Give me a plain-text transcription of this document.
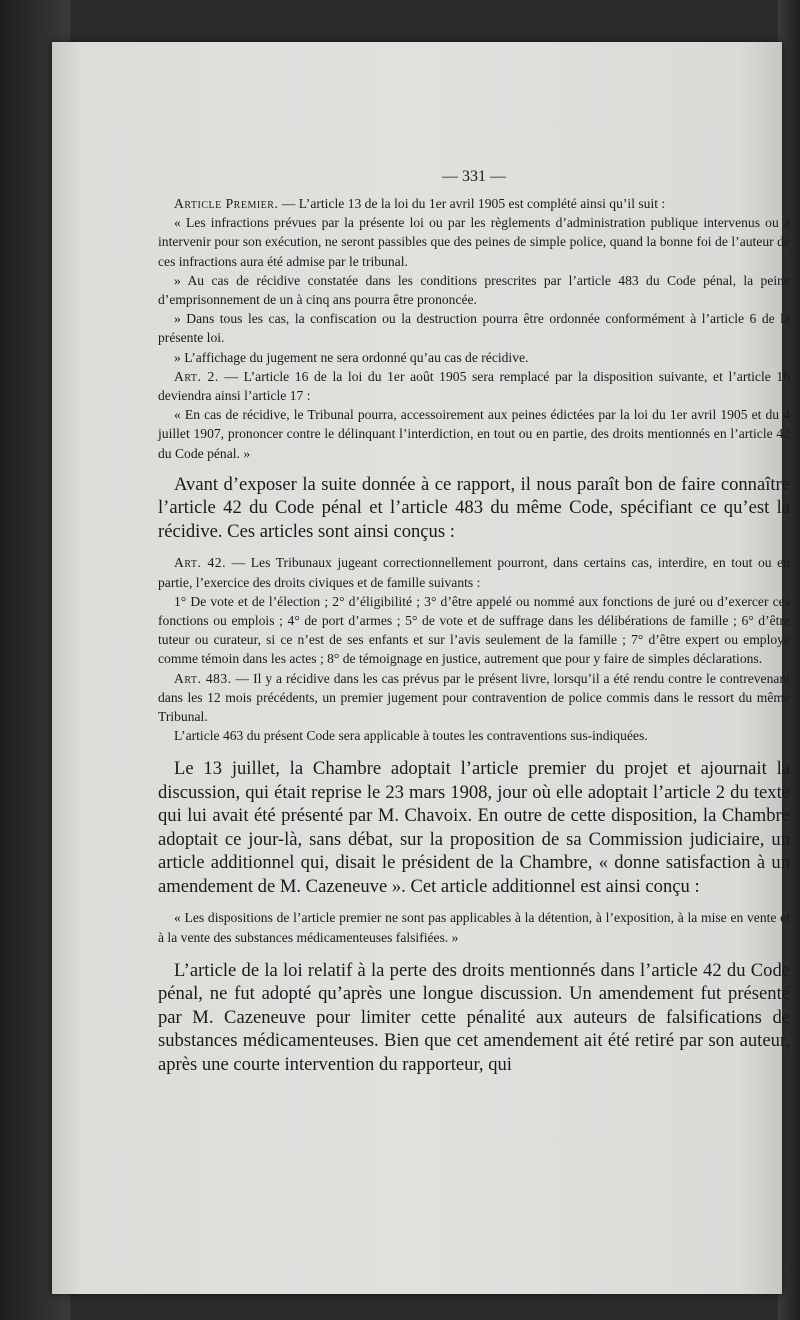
— 331 —

Article Premier. — L’article 13 de la loi du 1er avril 1905 est complété ainsi qu’il suit :

« Les infractions prévues par la présente loi ou par les règlements d’administration publique intervenus ou à intervenir pour son exécution, ne seront passibles que des peines de simple police, quand la bonne foi de l’auteur de ces infractions aura été admise par le tribunal.

» Au cas de récidive constatée dans les conditions prescrites par l’article 483 du Code pénal, la peine d’emprisonnement de un à cinq ans pourra être prononcée.

» Dans tous les cas, la confiscation ou la destruction pourra être ordonnée conformément à l’article 6 de la présente loi.

» L’affichage du jugement ne sera ordonné qu’au cas de récidive.

Art. 2. — L’article 16 de la loi du 1er août 1905 sera remplacé par la disposition suivante, et l’article 16 deviendra ainsi l’article 17 :

« En cas de récidive, le Tribunal pourra, accessoirement aux peines édictées par la loi du 1er avril 1905 et du 4 juillet 1907, prononcer contre le délinquant l’interdiction, en tout ou en partie, des droits mentionnés en l’article 42 du Code pénal. »

Avant d’exposer la suite donnée à ce rapport, il nous paraît bon de faire connaître l’article 42 du Code pénal et l’article 483 du même Code, spécifiant ce qu’est la récidive. Ces articles sont ainsi conçus :

Art. 42. — Les Tribunaux jugeant correctionnellement pourront, dans certains cas, interdire, en tout ou en partie, l’exercice des droits civiques et de famille suivants :

1° De vote et de l’élection ; 2° d’éligibilité ; 3° d’être appelé ou nommé aux fonctions de juré ou d’exercer ces fonctions ou emplois ; 4° de port d’armes ; 5° de vote et de suffrage dans les délibérations de famille ; 6° d’être tuteur ou curateur, si ce n’est de ses enfants et sur l’avis seulement de la famille ; 7° d’être expert ou employé comme témoin dans les actes ; 8° de témoignage en justice, autrement que pour y faire de simples déclarations.

Art. 483. — Il y a récidive dans les cas prévus par le présent livre, lorsqu’il a été rendu contre le contrevenant dans les 12 mois précédents, un premier jugement pour contravention de police commis dans le ressort du même Tribunal.

L’article 463 du présent Code sera applicable à toutes les contraventions sus-indiquées.

Le 13 juillet, la Chambre adoptait l’article premier du projet et ajournait la discussion, qui était reprise le 23 mars 1908, jour où elle adoptait l’article 2 du texte qui lui avait été présenté par M. Chavoix. En outre de cette disposition, la Chambre adoptait ce jour-là, sans débat, sur la proposition de sa Commission judiciaire, un article additionnel qui, disait le président de la Chambre, « donne satisfaction à un amendement de M. Cazeneuve ». Cet article additionnel est ainsi conçu :

« Les dispositions de l’article premier ne sont pas applicables à la détention, à l’exposition, à la mise en vente et à la vente des substances médicamenteuses falsifiées. »

L’article de la loi relatif à la perte des droits mentionnés dans l’article 42 du Code pénal, ne fut adopté qu’après une longue discussion. Un amendement fut présenté par M. Cazeneuve pour limiter cette pénalité aux auteurs de falsifications de substances médicamenteuses. Bien que cet amendement ait été retiré par son auteur, après une courte intervention du rapporteur, qui
